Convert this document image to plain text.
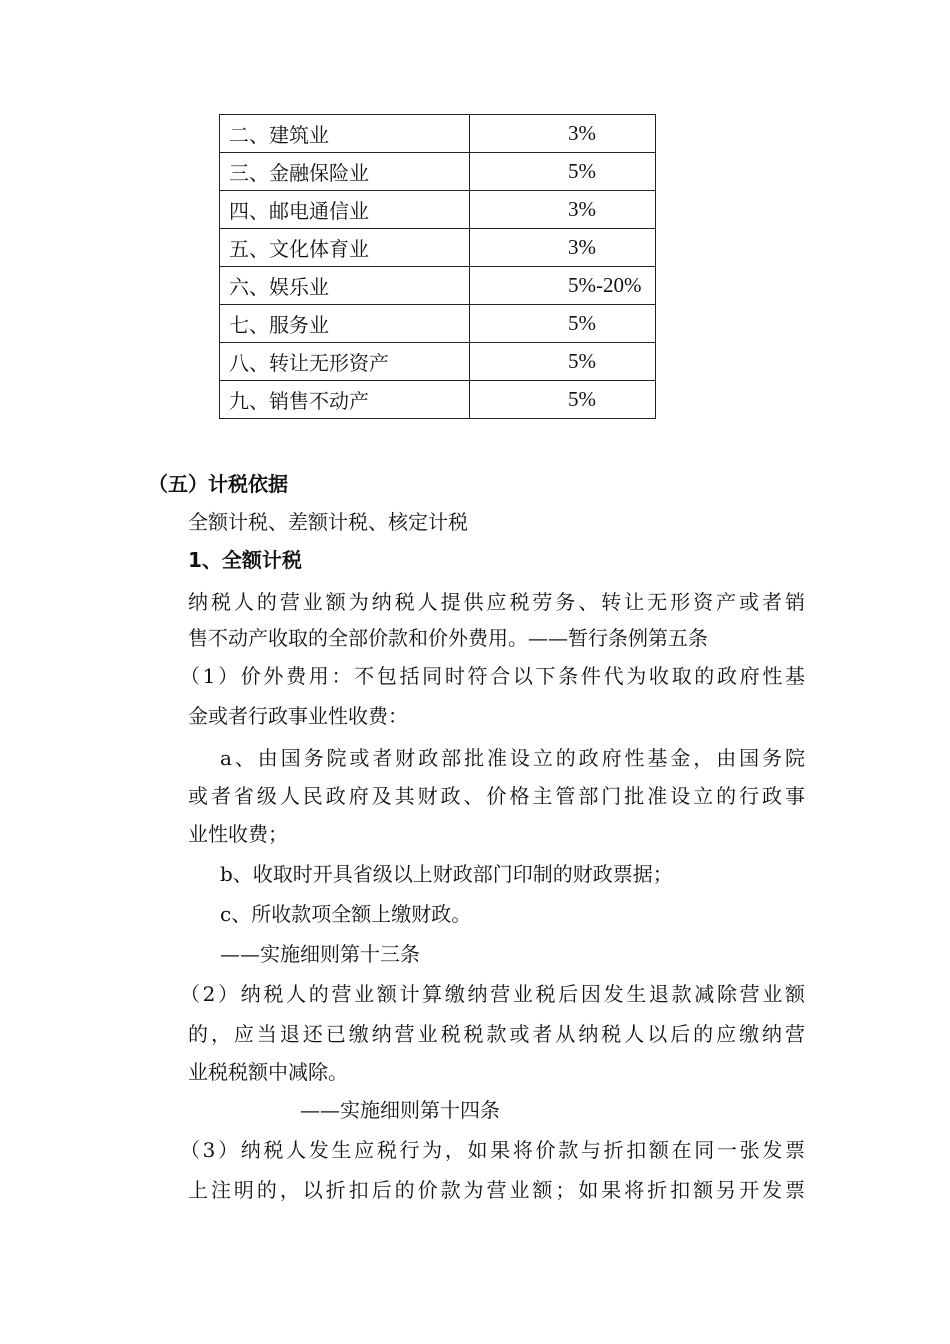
二、建筑业	3%
三、金融保险业	5%
四、邮电通信业	3%
五、文化体育业	3%
六、娱乐业	5%-20%
七、服务业	5%
八、转让无形资产	5%
九、销售不动产	5%
（五）计税依据
全额计税、差额计税、核定计税
1、全额计税
纳税人的营业额为纳税人提供应税劳务、转让无形资产或者销
售不动产收取的全部价款和价外费用。——暂行条例第五条
（1）价外费用：不包括同时符合以下条件代为收取的政府性基
金或者行政事业性收费：
a、由国务院或者财政部批准设立的政府性基金，由国务院
或者省级人民政府及其财政、价格主管部门批准设立的行政事
业性收费；
b、收取时开具省级以上财政部门印制的财政票据；
c、所收款项全额上缴财政。
——实施细则第十三条
（2）纳税人的营业额计算缴纳营业税后因发生退款减除营业额
的，应当退还已缴纳营业税税款或者从纳税人以后的应缴纳营
业税税额中减除。
——实施细则第十四条
（3）纳税人发生应税行为，如果将价款与折扣额在同一张发票
上注明的，以折扣后的价款为营业额；如果将折扣额另开发票
